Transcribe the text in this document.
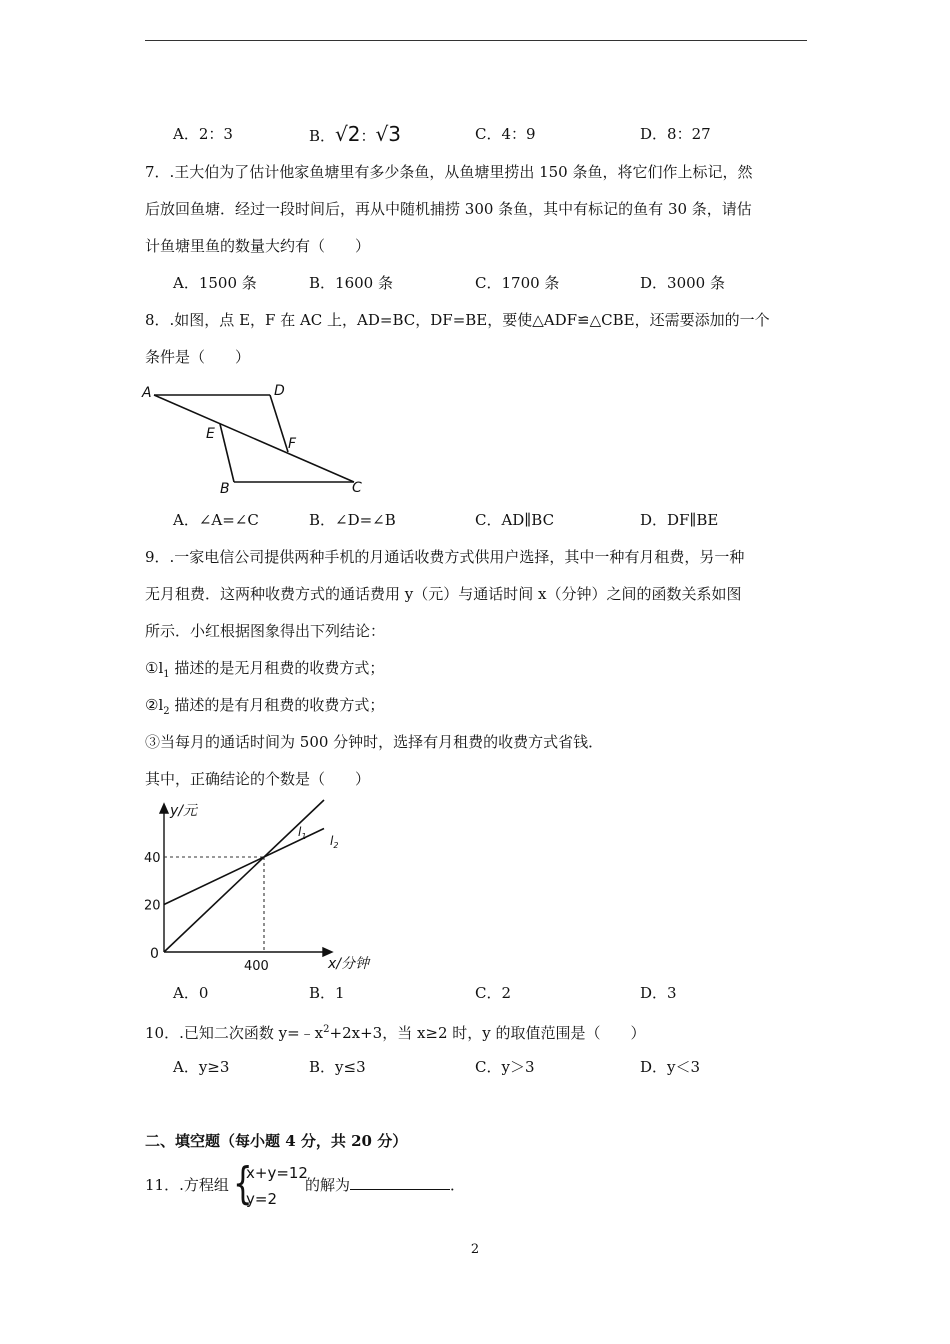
A．2：3	B．√2：√3	C．4：9	D．8：27
7．.王大伯为了估计他家鱼塘里有多少条鱼，从鱼塘里捞出 150 条鱼，将它们作上标记，然
后放回鱼塘．经过一段时间后，再从中随机捕捞 300 条鱼，其中有标记的鱼有 30 条，请估
计鱼塘里鱼的数量大约有（　　）
A．1500 条	B．1600 条	C．1700 条	D．3000 条
8．.如图，点 E，F 在 AC 上，AD=BC，DF=BE，要使△ADF≌△CBE，还需要添加的一个
条件是（　　）
A	D
E
F
B	C
A．∠A=∠C	B．∠D=∠B	C．AD∥BC	D．DF∥BE
9．.一家电信公司提供两种手机的月通话收费方式供用户选择，其中一种有月租费，另一种
无月租费．这两种收费方式的通话费用 y（元）与通话时间 x（分钟）之间的函数关系如图
所示．小红根据图象得出下列结论：
$①l_1$ 描述的是无月租费的收费方式；
$②l_2$ 描述的是有月租费的收费方式；
③当每月的通话时间为 500 分钟时，选择有月租费的收费方式省钱．
其中，正确结论的个数是（　　）
20
40
400
y/元
x/分钟
0
$l_1$ $l_2$
A．0	B．1	C．2	D．3
10．.已知二次函数 $y=﹣x^2+2x+3$，当 x≥2 时，y 的取值范围是（　　）
A．y≥3	B．y≤3	C．y＞3	D．y＜3
二、填空题（每小题 4 分，共 20 分）
11．.方程组 {
x+y=12
y=2
的解为	．
2
